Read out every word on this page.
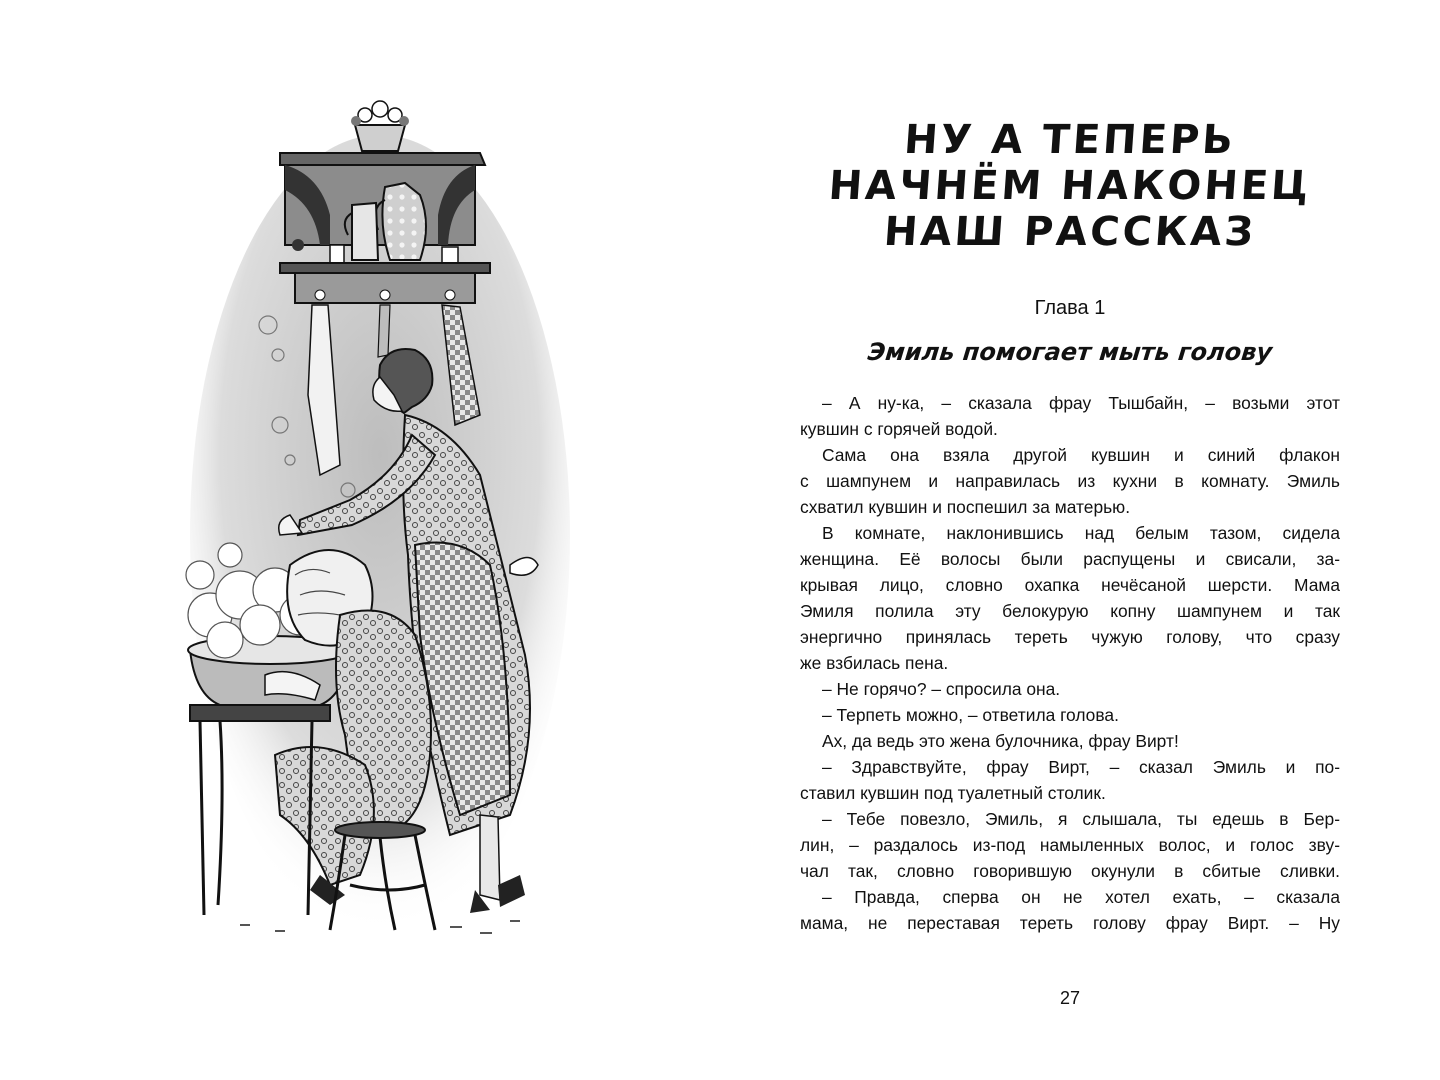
НУ А ТЕПЕРЬ
НАЧНЁМ НАКОНЕЦ
НАШ РАССКАЗ
Глава 1
Эмиль помогает мыть голову
– А ну-ка, – сказала фрау Тышбайн, – возьми этот
кувшин с горячей водой.
Сама она взяла другой кувшин и синий флакон
с шампунем и направилась из кухни в комнату. Эмиль
схватил кувшин и поспешил за матерью.
В комнате, наклонившись над белым тазом, сидела
женщина. Её волосы были распущены и свисали, за-
крывая лицо, словно охапка нечёсаной шерсти. Мама
Эмиля полила эту белокурую копну шампунем и так
энергично принялась тереть чужую голову, что сразу
же взбилась пена.
– Не горячо? – спросила она.
– Терпеть можно, – ответила голова.
Ах, да ведь это жена булочника, фрау Вирт!
– Здравствуйте, фрау Вирт, – сказал Эмиль и по-
ставил кувшин под туалетный столик.
– Тебе повезло, Эмиль, я слышала, ты едешь в Бер-
лин, – раздалось из-под намыленных волос, и голос зву-
чал так, словно говорившую окунули в сбитые сливки.
– Правда, сперва он не хотел ехать, – сказала
мама, не переставая тереть голову фрау Вирт. – Ну
27
